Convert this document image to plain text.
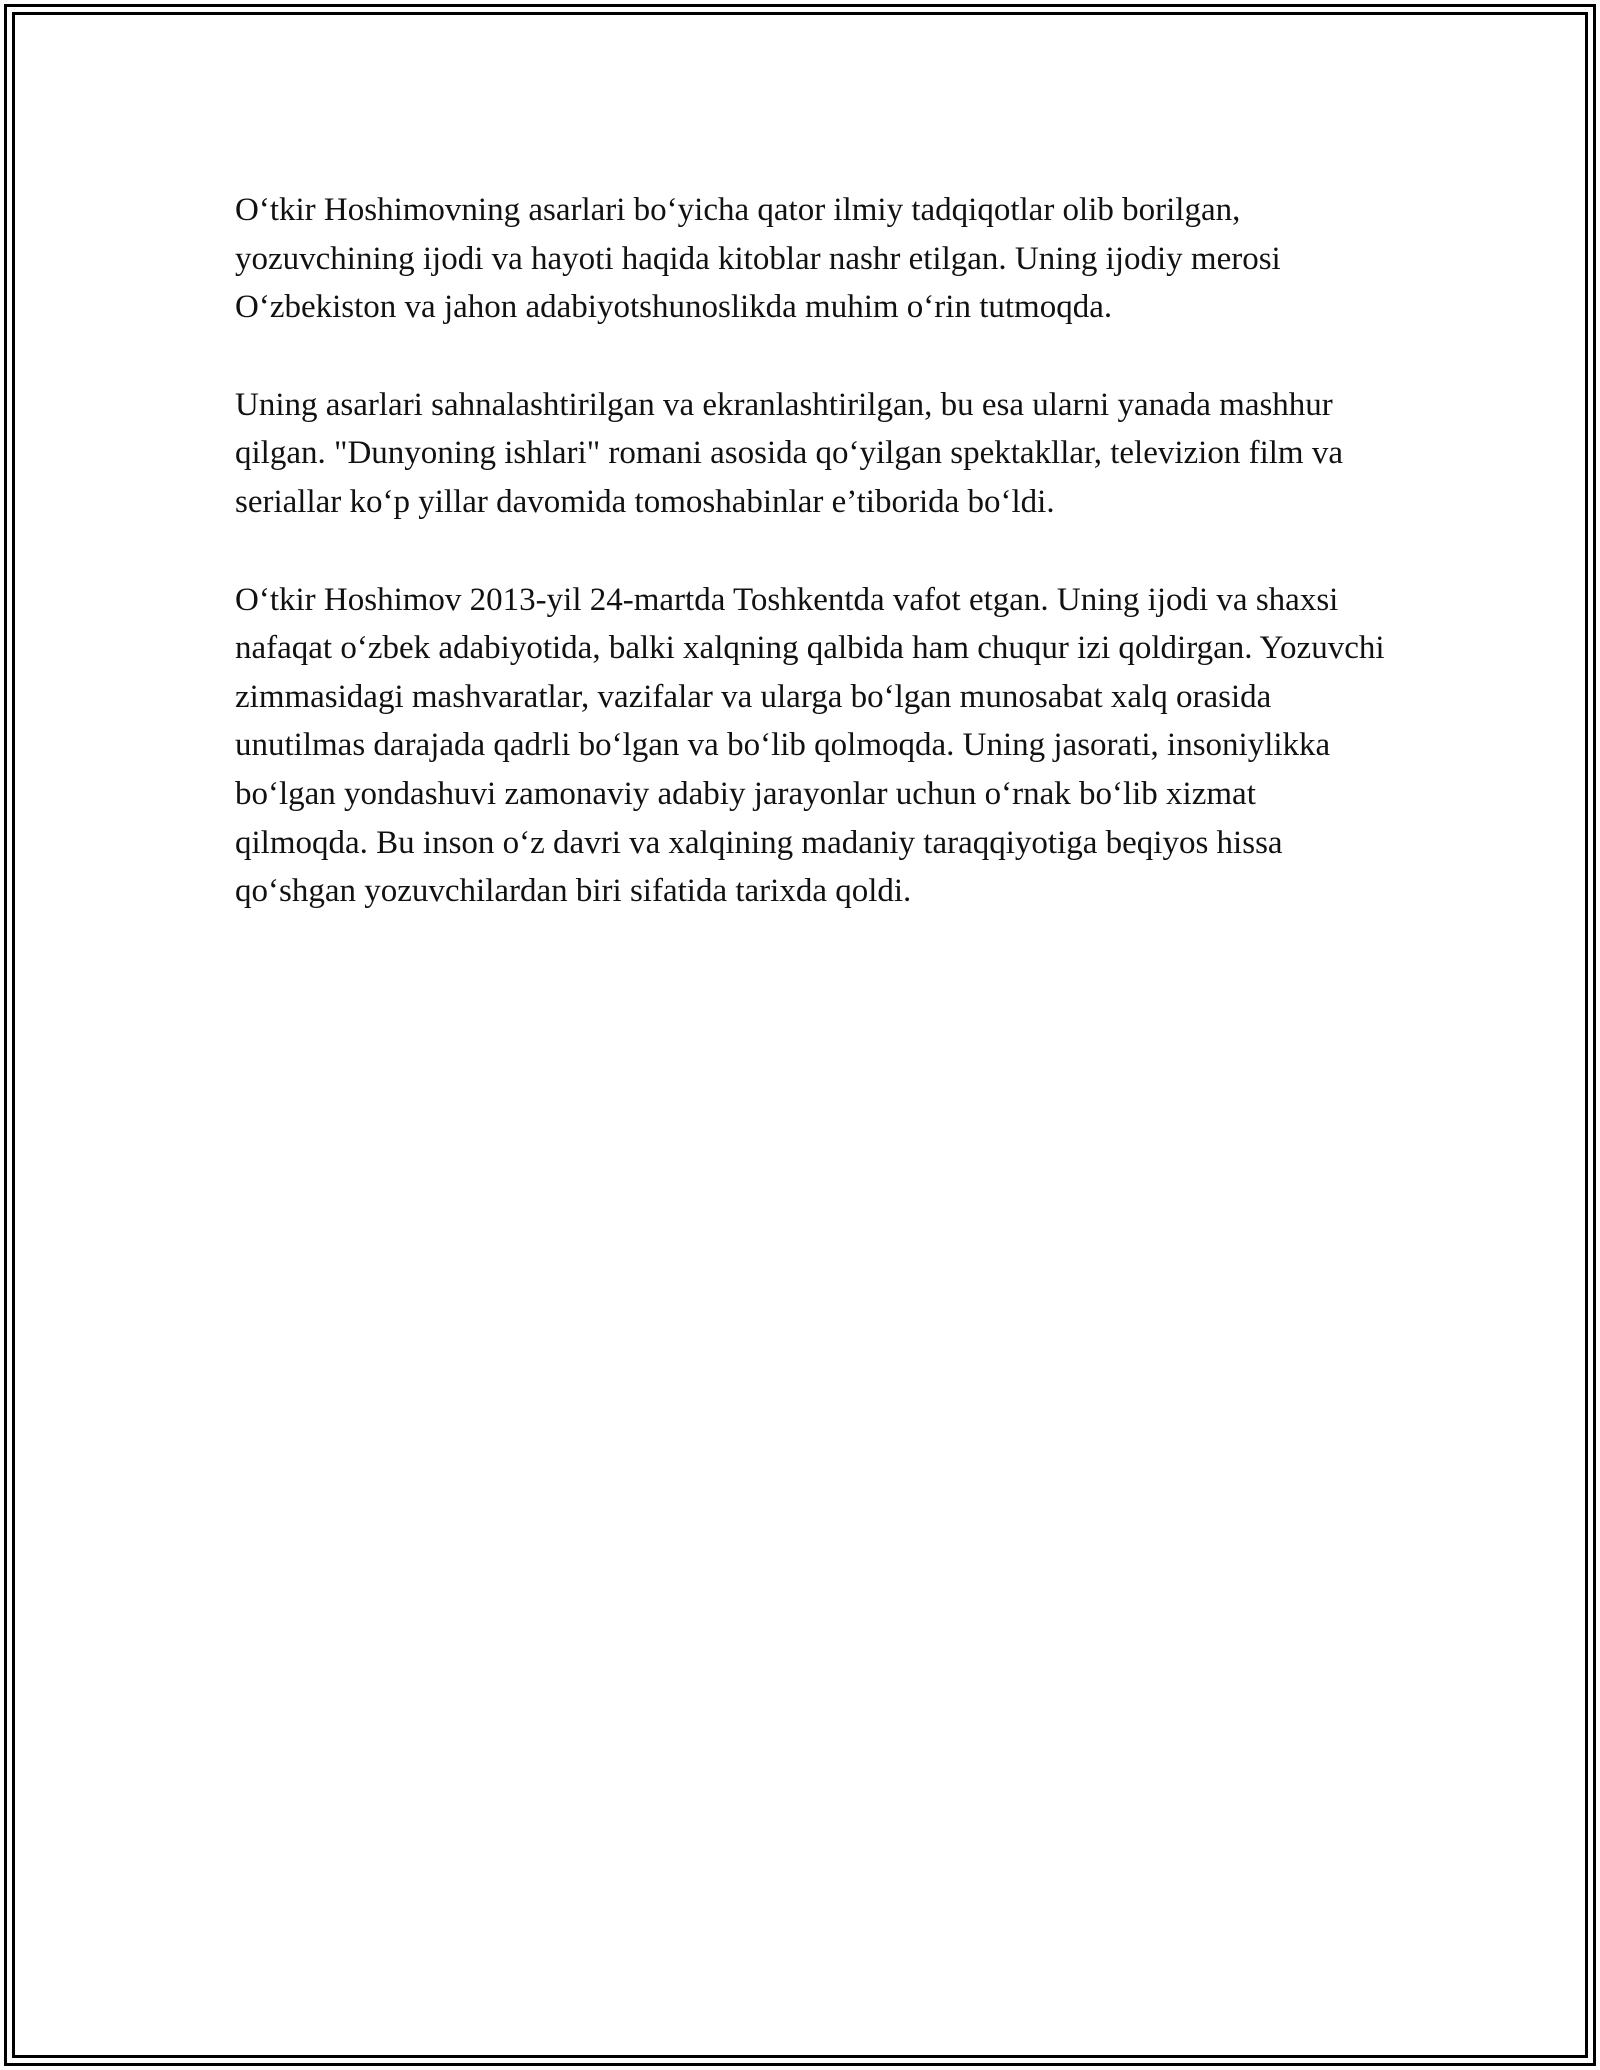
O‘tkir Hoshimovning asarlari bo‘yicha qator ilmiy tadqiqotlar olib borilgan, yozuvchining ijodi va hayoti haqida kitoblar nashr etilgan. Uning ijodiy merosi O‘zbekiston va jahon adabiyotshunoslikda muhim o‘rin tutmoqda.

Uning asarlari sahnalashtirilgan va ekranlashtirilgan, bu esa ularni yanada mashhur qilgan. "Dunyoning ishlari" romani asosida qo‘yilgan spektakllar, televizion film va seriallar ko‘p yillar davomida tomoshabinlar e’tiborida bo‘ldi.

O‘tkir Hoshimov 2013-yil 24-martda Toshkentda vafot etgan. Uning ijodi va shaxsi nafaqat o‘zbek adabiyotida, balki xalqning qalbida ham chuqur izi qoldirgan. Yozuvchi zimmasidagi mashvaratlar, vazifalar va ularga bo‘lgan munosabat xalq orasida unutilmas darajada qadrli bo‘lgan va bo‘lib qolmoqda. Uning jasorati, insoniylikka bo‘lgan yondashuvi zamonaviy adabiy jarayonlar uchun o‘rnak bo‘lib xizmat qilmoqda. Bu inson o‘z davri va xalqining madaniy taraqqiyotiga beqiyos hissa qo‘shgan yozuvchilardan biri sifatida tarixda qoldi.
